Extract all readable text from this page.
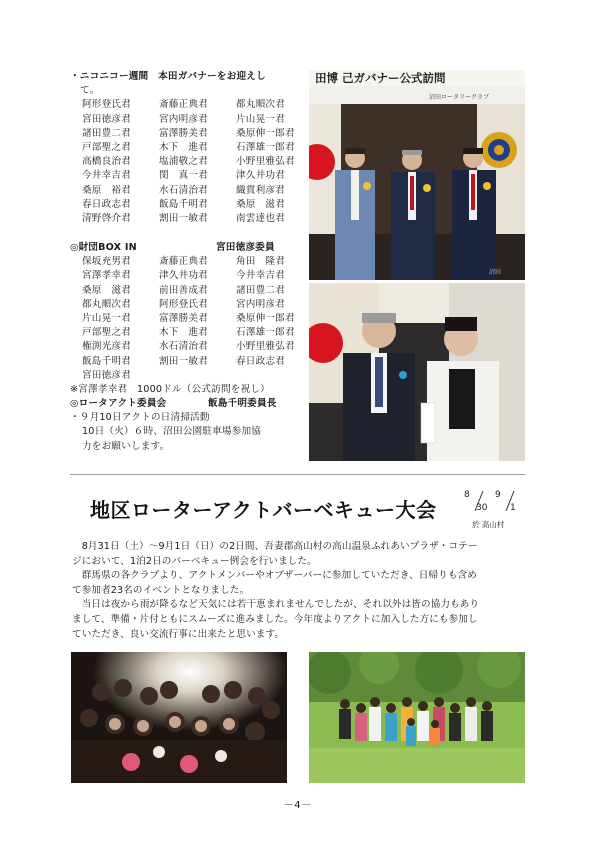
・ニコニコー週間　本田ガバナーをお迎えし
て。
阿形登氏君	斎藤正典君	都丸順次君
宮田徳彦君	宮内明彦君	片山晃一君
諸田豊二君	富澤勝美君	桑原伸一郎君
戸部聖之君	木下　進君	石澤雄一郎君
高橋良治君	塩浦敬之君	小野里雅弘君
今井幸吉君	閔　真一君	津久井功君
桑原　裕君	水石清治君	織貫利彦君
春日政志君	飯島千明君	桑原　滋君
清野啓介君	割田一敏君	南雲達也君
◎財団BOX IN	宮田徳彦委員
保坂充男君	斎藤正典君	角田　隆君
宮澤孝幸君	津久井功君	今井幸吉君
桑原　滋君	前田善成君	諸田豊二君
都丸順次君	阿形登氏君	宮内明彦君
片山晃一君	富澤勝美君	桑原伸一郎君
戸部聖之君	木下　進君	石澤雄一郎君
権渕光彦君	水石清治君	小野里雅弘君
飯島千明君	割田一敏君	春日政志君
宮田徳彦君
※宮澤孝幸君　1000ドル（公式訪問を祝し）
◎ロータアクト委員会	飯島千明委員長
・９月10日アクトの日清掃活動
10日（火）６時、沼田公園駐車場参加協
力をお願いします。
田博 己ガバナー公式訪問
沼田ロータリークラブ
沼田
地区ローターアクトバーベキュー大会
8
30
9
1
於 高山村
　8月31日（土）～9月1日（日）の2日間、吾妻郡高山村の高山温泉ふれあいプラザ・コテー
ジにおいて、1泊2日のバーベキュー例会を行いました。
　群馬県の各クラブより、アクトメンバーやオブザーバーに参加していただき、日帰りも含め
て参加者23名のイベントとなりました。
　当日は夜から雨が降るなど天気には若干恵まれませんでしたが、それ以外は皆の協力もあり
まして、準備・片付ともにスムーズに進みました。今年度よりアクトに加入した方にも参加し
ていただき、良い交流行事に出来たと思います。
－4－
